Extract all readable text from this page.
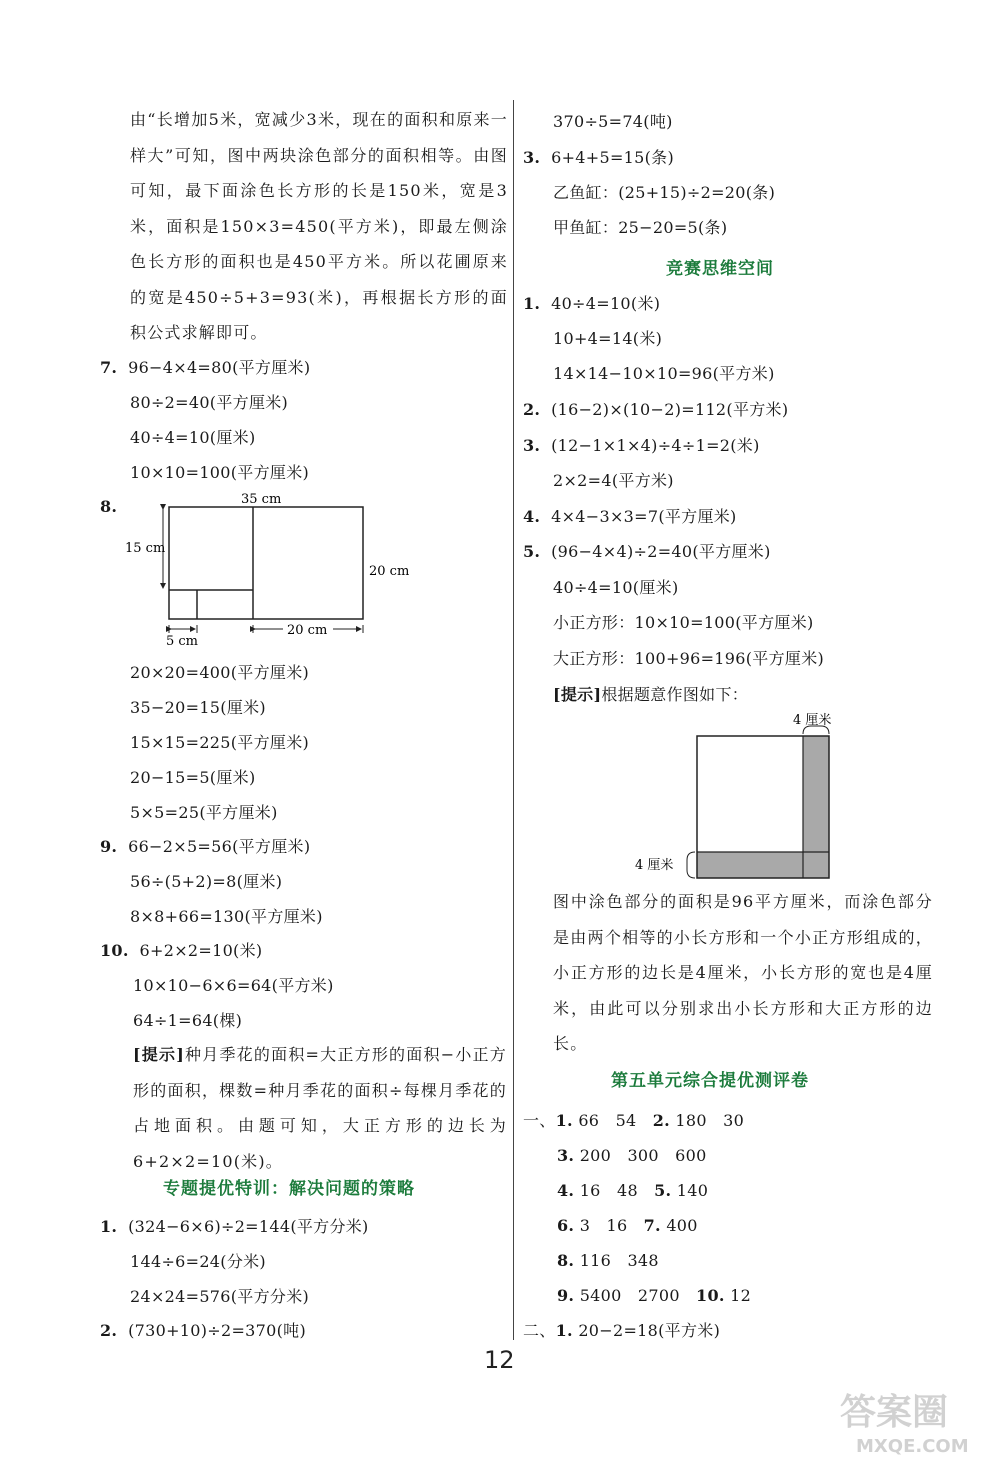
由“长增加5米，宽减少3米，现在的面积和原来一样大”可知，图中两块涂色部分的面积相等。由图可知，最下面涂色长方形的长是150米，宽是3米，面积是150×3=450(平方米)，即最左侧涂色长方形的面积也是450平方米。所以花圃原来的宽是450÷5+3=93(米)，再根据长方形的面积公式求解即可。
7. 96−4×4=80(平方厘米)
80÷2=40(平方厘米)
40÷4=10(厘米)
10×10=100(平方厘米)
8.
15 cm
35 cm
20 cm
5 cm
20 cm
20×20=400(平方厘米)
35−20=15(厘米)
15×15=225(平方厘米)
20−15=5(厘米)
5×5=25(平方厘米)
9. 66−2×5=56(平方厘米)
56÷(5+2)=8(厘米)
8×8+66=130(平方厘米)
10. 6+2×2=10(米)
10×10−6×6=64(平方米)
64÷1=64(棵)
[提示]种月季花的面积=大正方形的面积−小正方形的面积，棵数=种月季花的面积÷每棵月季花的占地面积。由题可知，大正方形的边长为6+2×2=10(米)。
专题提优特训：解决问题的策略
1. (324−6×6)÷2=144(平方分米)
144÷6=24(分米)
24×24=576(平方分米)
2. (730+10)÷2=370(吨)
370÷5=74(吨)
3. 6+4+5=15(条)
乙鱼缸：(25+15)÷2=20(条)
甲鱼缸：25−20=5(条)
竞赛思维空间
1. 40÷4=10(米)
10+4=14(米)
14×14−10×10=96(平方米)
2. (16−2)×(10−2)=112(平方米)
3. (12−1×1×4)÷4÷1=2(米)
2×2=4(平方米)
4. 4×4−3×3=7(平方厘米)
5. (96−4×4)÷2=40(平方厘米)
40÷4=10(厘米)
小正方形：10×10=100(平方厘米)
大正方形：100+96=196(平方厘米)
[提示]根据题意作图如下：
4 厘米
4 厘米
图中涂色部分的面积是96平方厘米，而涂色部分是由两个相等的小长方形和一个小正方形组成的，小正方形的边长是4厘米，小长方形的宽也是4厘米，由此可以分别求出小长方形和大正方形的边长。
第五单元综合提优测评卷
一、1. 66　54 2. 180　30
3. 200　300　600
4. 16　48 5. 140
6. 3　16 7. 400
8. 116　348
9. 5400　2700 10. 12
二、1. 20−2=18(平方米)
12
答案圈
MXQE.COM
